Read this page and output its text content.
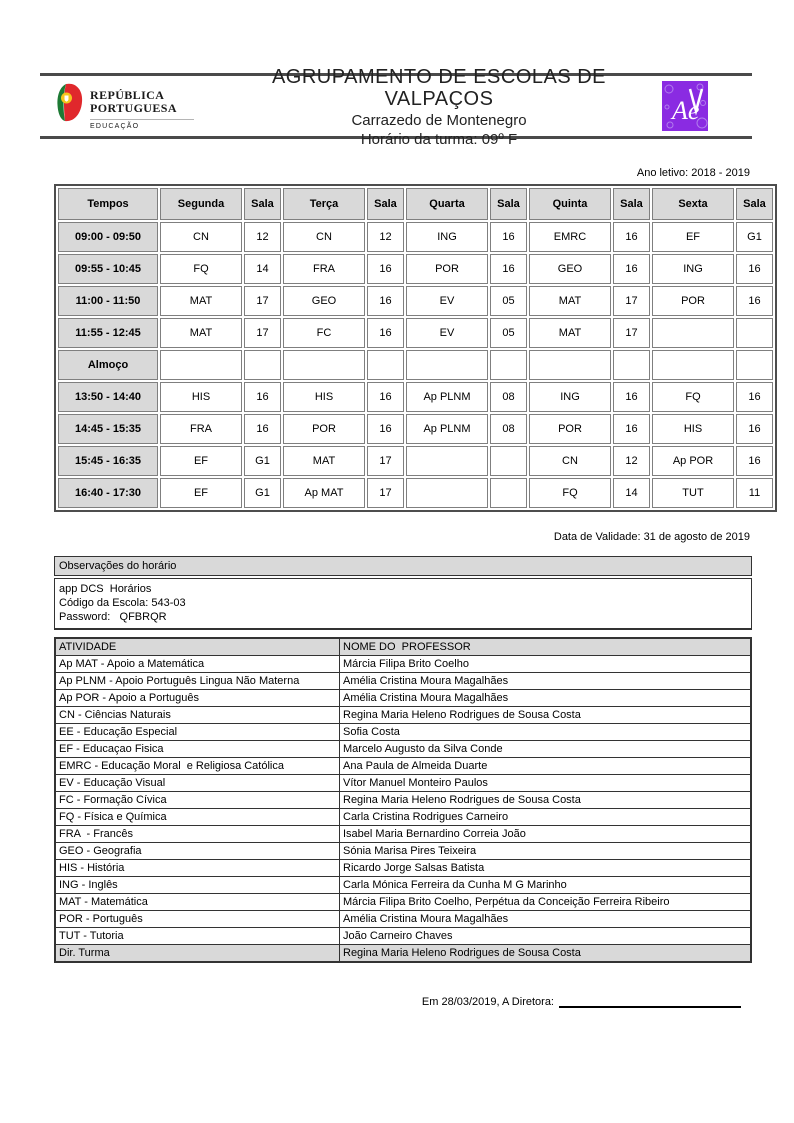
REPÚBLICA
PORTUGUESA
EDUCAÇÃO
AGRUPAMENTO DE ESCOLAS DE VALPAÇOS
Carrazedo de Montenegro
Horário da turma: 09º F
Ae
Ano letivo: 2018 - 2019
Tempos	Segunda	Sala	Terça	Sala	Quarta	Sala	Quinta	Sala	Sexta	Sala
09:00 - 09:50	CN	12	CN	12	ING	16	EMRC	16	EF	G1
09:55 - 10:45	FQ	14	FRA	16	POR	16	GEO	16	ING	16
11:00 - 11:50	MAT	17	GEO	16	EV	05	MAT	17	POR	16
11:55 - 12:45	MAT	17	FC	16	EV	05	MAT	17		
Almoço										
13:50 - 14:40	HIS	16	HIS	16	Ap PLNM	08	ING	16	FQ	16
14:45 - 15:35	FRA	16	POR	16	Ap PLNM	08	POR	16	HIS	16
15:45 - 16:35	EF	G1	MAT	17			CN	12	Ap POR	16
16:40 - 17:30	EF	G1	Ap MAT	17			FQ	14	TUT	11
Data de Validade: 31 de agosto de 2019
Observações do horário
app DCS  Horários
Código da Escola: 543-03
Password:   QFBRQR
ATIVIDADE	NOME DO  PROFESSOR
Ap MAT - Apoio a Matemática	Márcia Filipa Brito Coelho
Ap PLNM - Apoio Português Lingua Não Materna	Amélia Cristina Moura Magalhães
Ap POR - Apoio a Português	Amélia Cristina Moura Magalhães
CN - Ciências Naturais	Regina Maria Heleno Rodrigues de Sousa Costa
EE - Educação Especial	Sofia Costa
EF - Educaçao Fisica	Marcelo Augusto da Silva Conde
EMRC - Educação Moral  e Religiosa Católica	Ana Paula de Almeida Duarte
EV - Educação Visual	Vítor Manuel Monteiro Paulos
FC - Formação Cívica	Regina Maria Heleno Rodrigues de Sousa Costa
FQ - Física e Química	Carla Cristina Rodrigues Carneiro
FRA  - Francês	Isabel Maria Bernardino Correia João
GEO - Geografia	Sónia Marisa Pires Teixeira
HIS - História	Ricardo Jorge Salsas Batista
ING - Inglês	Carla Mónica Ferreira da Cunha M G Marinho
MAT - Matemática	Márcia Filipa Brito Coelho, Perpétua da Conceição Ferreira Ribeiro
POR - Português	Amélia Cristina Moura Magalhães
TUT - Tutoria	João Carneiro Chaves
Dir. Turma	Regina Maria Heleno Rodrigues de Sousa Costa
Em 28/03/2019, A Diretora:
